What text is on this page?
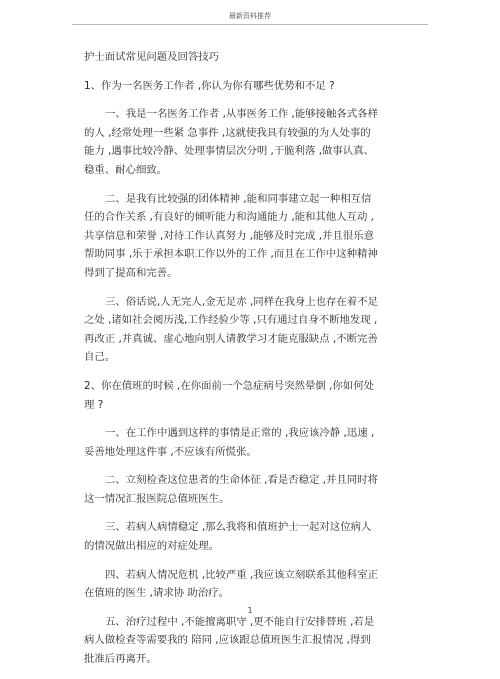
最新资料推荐

护士面试常见问题及回答技巧

1、作为一名医务工作者 ,你认为你有哪些优势和不足 ?

一、我是一名医务工作者 ,从事医务工作 ,能够接触各式各样的人 ,经常处理一些紧 急事件 ,这就使我具有较强的为人处事的能力 ,遇事比较冷静、处理事情层次分明 ,干脆利落 ,做事认真、稳重、耐心细致。

二、是我有比较强的团体精神 ,能和同事建立起一种相互信任的合作关系 ,有良好的倾听能力和沟通能力 ,能和其他人互动 ,共享信息和荣誉 ,对待工作认真努力 ,能够及时完成 ,并且很乐意帮助同事 ,乐于承担本职工作以外的工作 ,而且在工作中这种精神 得到了提高和完善。

三、俗话说,人无完人,金无足赤 ,同样在我身上也存在着不足之处 ,诸如社会阅历浅,工作经验少等 ,只有通过自身不断地发现 ,再改正 ,并真诚、虚心地向别人请教学习才能克服缺点 ,不断完善自己。

2、你在值班的时候 ,在你面前一个急症病号突然晕倒 ,你如何处理 ?

一、在工作中遇到这样的事情是正常的 ,我应该冷静 ,迅速 ,妥善地处理这件事 ,不应该有所慌张。

二、立刻检查这位患者的生命体征 ,看是否稳定 ,并且同时将这一情况汇报医院总值班医生。

三、若病人病情稳定 ,那么我将和值班护士一起对这位病人的情况做出相应的对症处理。

四、若病人情况危机 ,比较严重 ,我应该立刻联系其他科室正在值班的医生 ,请求协 助治疗。

五、治疗过程中 ,不能擅离职守 ,更不能自行安排替班 ,若是病人做检查等需要我的 陪同 ,应该跟总值班医生汇报情况 ,得到批准后再离开。

1
